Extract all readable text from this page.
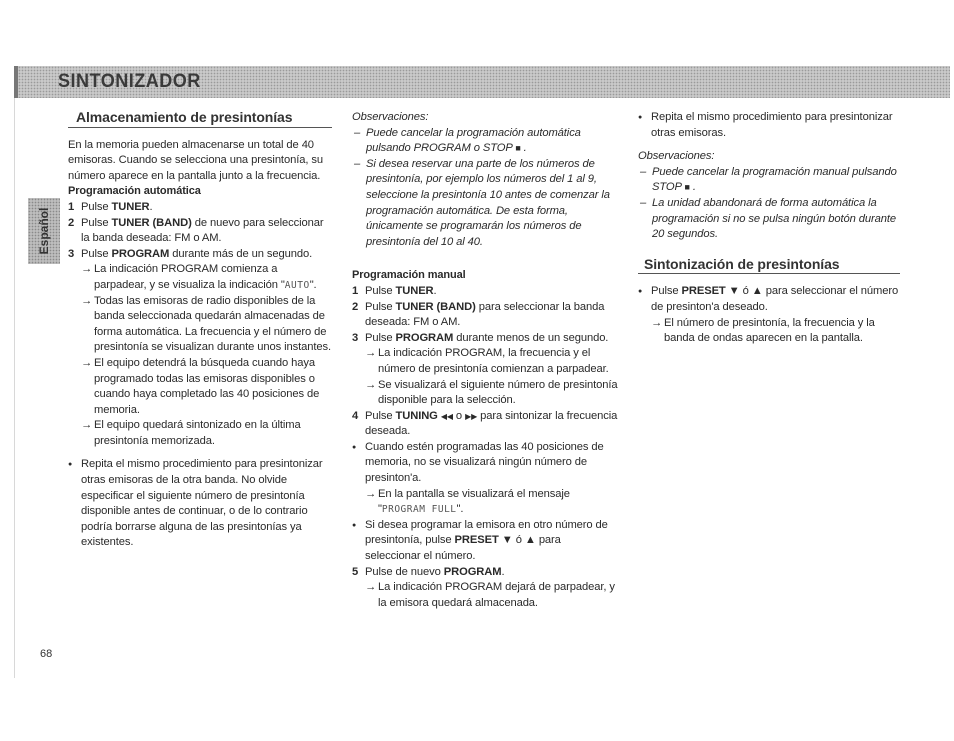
SINTONIZADOR
Español
68
Almacenamiento de presintonías

En la memoria pueden almacenarse un total de 40 emisoras. Cuando se selecciona una presintonía, su número aparece en la pantalla junto a la frecuencia.

Programación automática

1 Pulse TUNER.
2 Pulse TUNER (BAND) de nuevo para seleccionar la banda deseada: FM o AM.
3 Pulse PROGRAM durante más de un segundo.
→ La indicación PROGRAM comienza a parpadear, y se visualiza la indicación "AUTO".
→ Todas las emisoras de radio disponibles de la banda seleccionada quedarán almacenadas de forma automática. La frecuencia y el número de presintonía se visualizan durante unos instantes.
→ El equipo detendrá la búsqueda cuando haya programado todas las emisoras disponibles o cuando haya completado las 40 posiciones de memoria.
→ El equipo quedará sintonizado en la última presintonía memorizada.
● Repita el mismo procedimiento para presintonizar otras emisoras de la otra banda. No olvide especificar el siguiente número de presintonía disponible antes de continuar, o de lo contrario podría borrarse alguna de las presintonías ya existentes.

Observaciones:

– Puede cancelar la programación automática pulsando PROGRAM o STOP ■ .
– Si desea reservar una parte de los números de presintonía, por ejemplo los números del 1 al 9, seleccione la presintonía 10 antes de comenzar la programación automática. De esta forma, únicamente se programarán los números de presintonía del 10 al 40.

Programación manual

1 Pulse TUNER.
2 Pulse TUNER (BAND) para seleccionar la banda deseada: FM o AM.
3 Pulse PROGRAM durante menos de un segundo.
→ La indicación PROGRAM, la frecuencia y el número de presintonía comienzan a parpadear.
→ Se visualizará el siguiente número de presintonía disponible para la selección.
4 Pulse TUNING ◀◀ o ▶▶ para sintonizar la frecuencia deseada.
● Cuando estén programadas las 40 posiciones de memoria, no se visualizará ningún número de presinton'a.
→ En la pantalla se visualizará el mensaje "PROGRAM FULL".
● Si desea programar la emisora en otro número de presintonía, pulse PRESET ▼ ó ▲ para seleccionar el número.
5 Pulse de nuevo PROGRAM.
→ La indicación PROGRAM dejará de parpadear, y la emisora quedará almacenada.
● Repita el mismo procedimiento para presintonizar otras emisoras.

Observaciones:

– Puede cancelar la programación manual pulsando STOP ■ .
– La unidad abandonará de forma automática la programación si no se pulsa ningún botón durante 20 segundos.
Sintonización de presintonías
● Pulse PRESET ▼ ó ▲ para seleccionar el número de presinton'a deseado.
→ El número de presintonía, la frecuencia y la banda de ondas aparecen en la pantalla.
